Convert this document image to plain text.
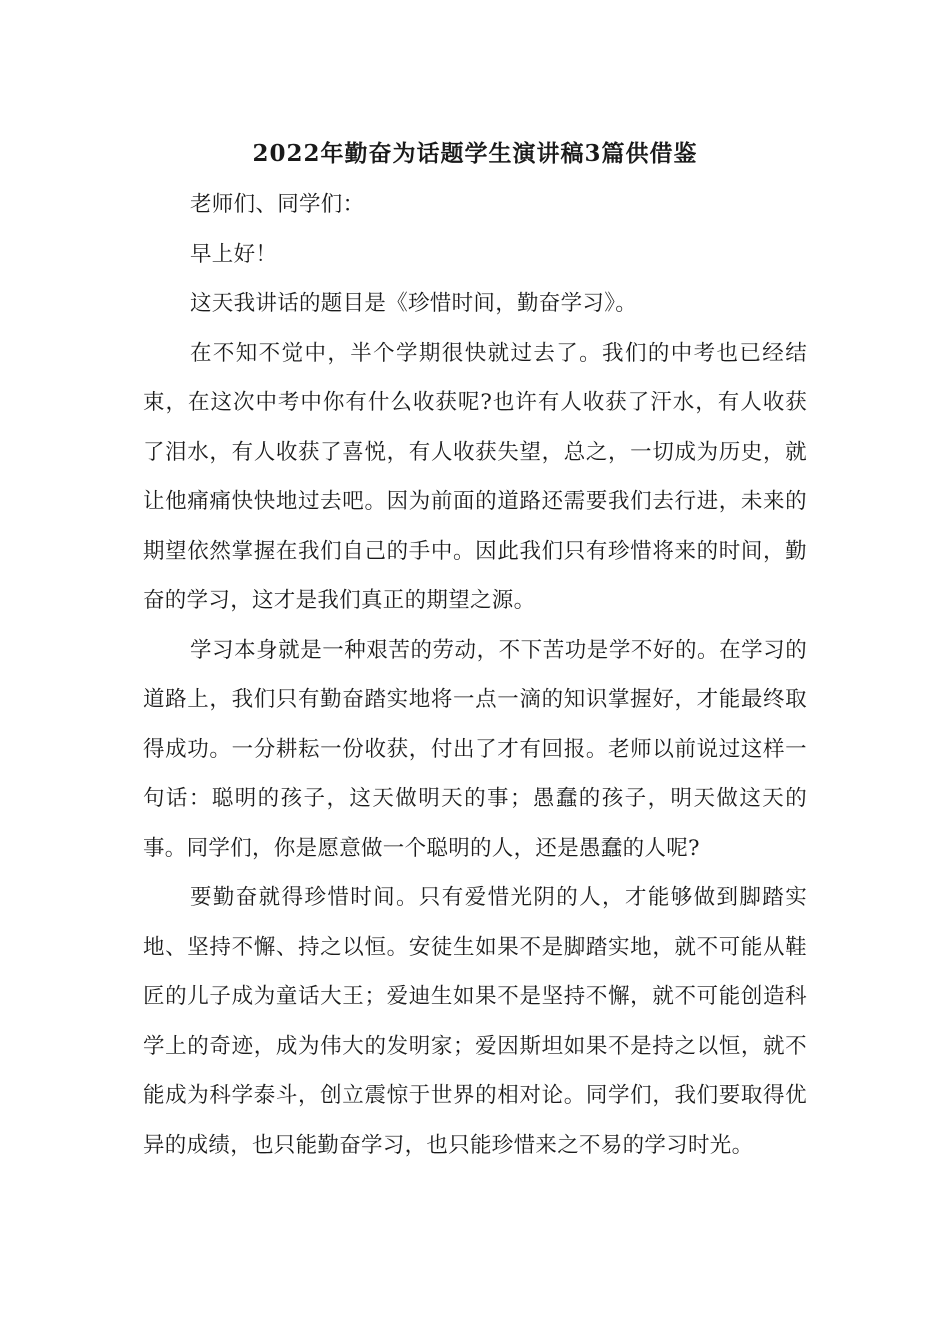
2022年勤奋为话题学生演讲稿3篇供借鉴

老师们、同学们：

早上好！

这天我讲话的题目是《珍惜时间，勤奋学习》。

在不知不觉中，半个学期很快就过去了。我们的中考也已经结束，在这次中考中你有什么收获呢?也许有人收获了汗水，有人收获了泪水，有人收获了喜悦，有人收获失望，总之，一切成为历史，就让他痛痛快快地过去吧。因为前面的道路还需要我们去行进，未来的期望依然掌握在我们自己的手中。因此我们只有珍惜将来的时间，勤奋的学习，这才是我们真正的期望之源。

学习本身就是一种艰苦的劳动，不下苦功是学不好的。在学习的道路上，我们只有勤奋踏实地将一点一滴的知识掌握好，才能最终取得成功。一分耕耘一份收获，付出了才有回报。老师以前说过这样一句话：聪明的孩子，这天做明天的事；愚蠢的孩子，明天做这天的事。同学们，你是愿意做一个聪明的人，还是愚蠢的人呢?

要勤奋就得珍惜时间。只有爱惜光阴的人，才能够做到脚踏实地、坚持不懈、持之以恒。安徒生如果不是脚踏实地，就不可能从鞋匠的儿子成为童话大王；爱迪生如果不是坚持不懈，就不可能创造科学上的奇迹，成为伟大的发明家；爱因斯坦如果不是持之以恒，就不能成为科学泰斗，创立震惊于世界的相对论。同学们，我们要取得优异的成绩，也只能勤奋学习，也只能珍惜来之不易的学习时光。
